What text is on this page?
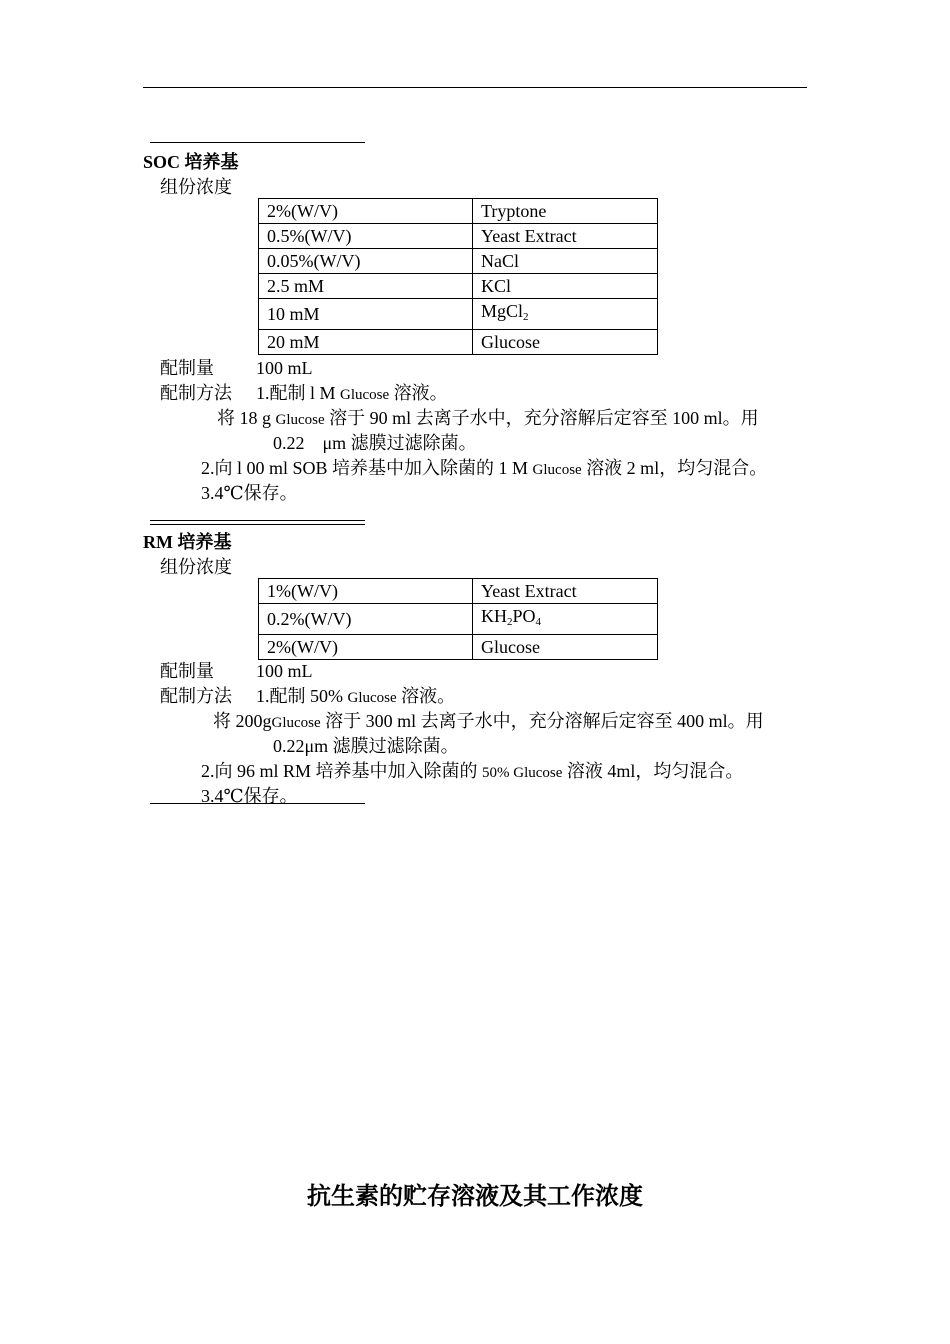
SOC 培养基
组份浓度
2%(W/V)	Tryptone
0.5%(W/V)	Yeast Extract
0.05%(W/V)	NaCl
2.5 mM	KCl
10 mM	MgCl$_2$
20 mM	Glucose
配制量 100 mL
配制方法 1.配制 l M Glucose 溶液。
将 18 g Glucose 溶于 90 ml 去离子水中，充分溶解后定容至 100 ml。用
0.22　μm 滤膜过滤除菌。
2.向 l 00 ml SOB 培养基中加入除菌的 1 M Glucose 溶液 2 ml，均匀混合。
3.4℃保存。
RM 培养基
组份浓度
1%(W/V)	Yeast Extract
0.2%(W/V)	$KH_2PO_4$
2%(W/V)	Glucose
配制量 100 mL
配制方法 1.配制 50% Glucose 溶液。
将 200gGlucose 溶于 300 ml 去离子水中，充分溶解后定容至 400 ml。用
0.22μm 滤膜过滤除菌。
2.向 96 ml RM 培养基中加入除菌的 50% Glucose 溶液 4ml，均匀混合。
3.4℃保存。
抗生素的贮存溶液及其工作浓度
